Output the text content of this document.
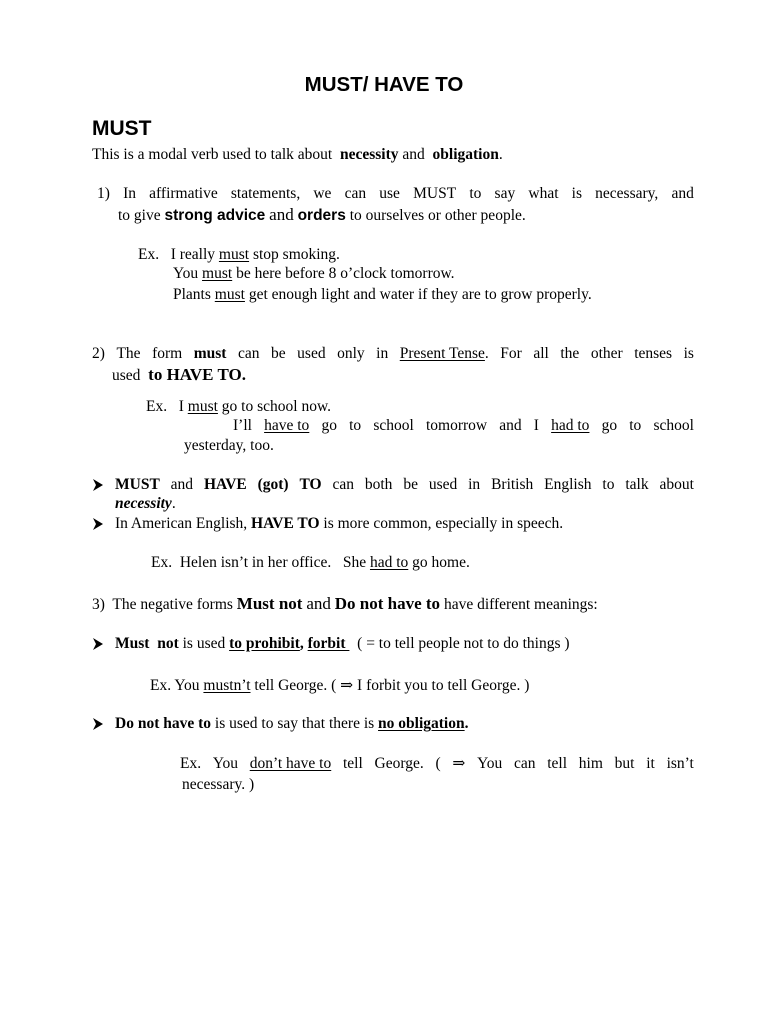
MUST/ HAVE TO
MUST
This is a modal verb used to talk about necessity and obligation.
1) In affirmative statements, we can use MUST to say what is necessary, and
to give strong advice and orders to ourselves or other people.
Ex. I really must stop smoking.
You must be here before 8 o’clock tomorrow.
Plants must get enough light and water if they are to grow properly.
2) The form must can be used only in Present Tense. For all the other tenses is
used to HAVE TO.
Ex. I must go to school now.
I’ll have to go to school tomorrow and I had to go to school
yesterday, too.
MUST and HAVE (got) TO can both be used in British English to talk about
necessity.
In American English, HAVE TO is more common, especially in speech.
Ex.  Helen isn’t in her office.   She had to go home.
3) The negative forms Must not and Do not have to have different meanings:
Must  not is used to prohibit, forbit   ( = to tell people not to do things )
Ex. You mustn’t tell George. ( ⇒ I forbit you to tell George. )
Do not have to is used to say that there is no obligation.
Ex. You don’t have to tell George. ( ⇒ You can tell him but it isn’t
necessary. )
